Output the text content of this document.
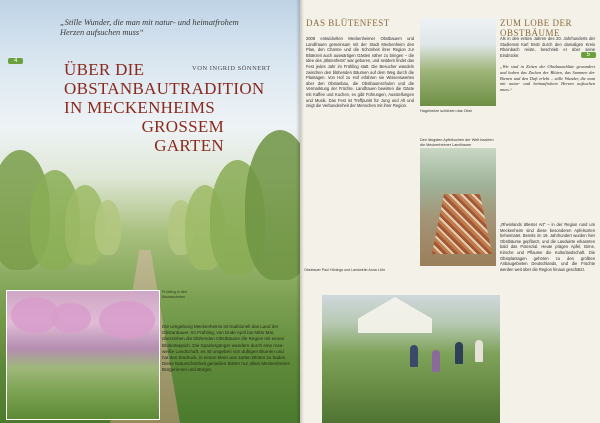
„Stille Wunder, die man mit natur- und heimatfrohem Herzen aufsuchen muss“
4	ÜBER DIE
OBSTANBAUTRADITION
IN MECKENHEIMS
GROSSEM
GARTEN
VON INGRID SÖNNERT
Frühling in den Baumschulen
Die Umgebung Meckenheims ist traditionell das Land der Obstanbauer. Im Frühling, von Ende April bis Mitte Mai, überziehen die blühenden Obstbäume die Region mit einem Blütenteppich. Die Spaziergänger wandern durch eine rosa-weiße Landschaft, es ist umgeben von duftigen Blumen und hat den Eindruck, in einem Meer aus zarten Blüten zu baden. Diese Naturschönheit genießen bisher nur allein Meckenheims Bürgerinnen und Bürger.
DAS BLÜTENFEST
2008 entwickelten Meckenheimer Obstbauern und Landfrauen gemeinsam mit der Stadt Meckenheim den Plan, den Charme und die Schönheit ihrer Region zur Blütezeit auch auswärtigen Gästen näher zu bringen – die Idee des „Blütenfests“ war geboren, und seitdem findet das Fest jedes Jahr im Frühling statt. Die Besucher wandeln zwischen den blühenden Bäumen auf dem Weg durch die Plantagen. Von Hof zu Hof erfahren sie Wissenswertes über den Obstanbau, die Obstbaumschulen und die Vermarktung der Früchte. Landfrauen bewirten die Gäste mit Kaffee und Kuchen, es gibt Führungen, Ausstellungen und Musik. Das Fest ist Treffpunkt für Jung und Alt und zeigt die Verbundenheit der Menschen mit ihrer Region.
Hagelnetze schützen das Obst
Den längsten Apfelkuchen der Welt backten die Meckenheimer Landfrauen
Obstbauer Paul Hönings und Landwirtin Anna Löhr
ZUM LOBE DER OBSTBÄUME
5
Als in den ersten Jahren des 20. Jahrhunderts der Studienrat Karl Brott durch den damaligen Kreis Rheinbach reiste, beschrieb er über seine Eindrücke:
„Wir sind in Zeiten der Obstbaumblüte gewandert und haben das Zucken der Blüten, das Summen der Bienen und den Duft erlebt – stille Wunder, die man mit natur- und heimatfrohem Herzen aufsuchen muss.“
„Rheinlands ältester Art“ – in der Region rund um Meckenheim sind diese besonderen Apfelsorten beheimatet. Bereits im 19. Jahrhundert wurden hier Obstbäume gepflanzt, und die Landwirte erkannten bald das Potenzial. Heute prägen Apfel, Birne, Kirsche und Pflaume die Kulturlandschaft. Die Obstplantagen gehören zu den größten Anbaugebieten Deutschlands, und die Früchte werden weit über die Region hinaus geschätzt.
